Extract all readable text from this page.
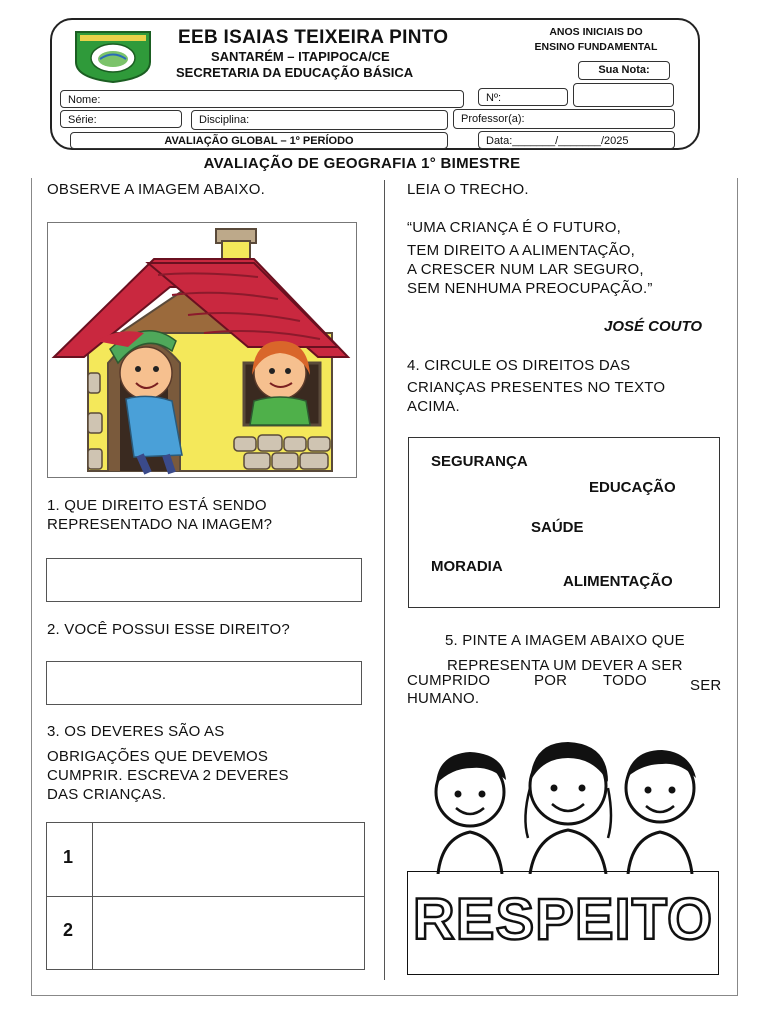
EEB ISAIAS TEIXEIRA PINTO
SANTARÉM – ITAPIPOCA/CE
SECRETARIA DA EDUCAÇÃO BÁSICA
ANOS INICIAIS DO
ENSINO FUNDAMENTAL
Sua Nota:
Nome:	Nº:
Série:	Disciplina:	Professor(a):
AVALIAÇÃO GLOBAL – 1º PERÍODO	Data:_______/_______/2025
AVALIAÇÃO DE GEOGRAFIA 1° BIMESTRE
OBSERVE A IMAGEM ABAIXO.
1. QUE DIREITO ESTÁ SENDO
REPRESENTADO NA IMAGEM?
2. VOCÊ POSSUI ESSE DIREITO?
3. OS DEVERES SÃO AS
OBRIGAÇÕES QUE DEVEMOS
CUMPRIR. ESCREVA 2 DEVERES
DAS CRIANÇAS.
1
2
LEIA O TRECHO.
“UMA CRIANÇA É O FUTURO,
TEM DIREITO A ALIMENTAÇÃO,
A CRESCER NUM LAR SEGURO,
SEM NENHUMA PREOCUPAÇÃO.”
JOSÉ COUTO
4. CIRCULE OS DIREITOS DAS
CRIANÇAS PRESENTES NO TEXTO
ACIMA.
SEGURANÇA
EDUCAÇÃO
SAÚDE
MORADIA
ALIMENTAÇÃO
5. PINTE A IMAGEM ABAIXO QUE
REPRESENTA UM DEVER A SER
CUMPRIDO	POR TODO	SER
HUMANO.
RESPEITO
